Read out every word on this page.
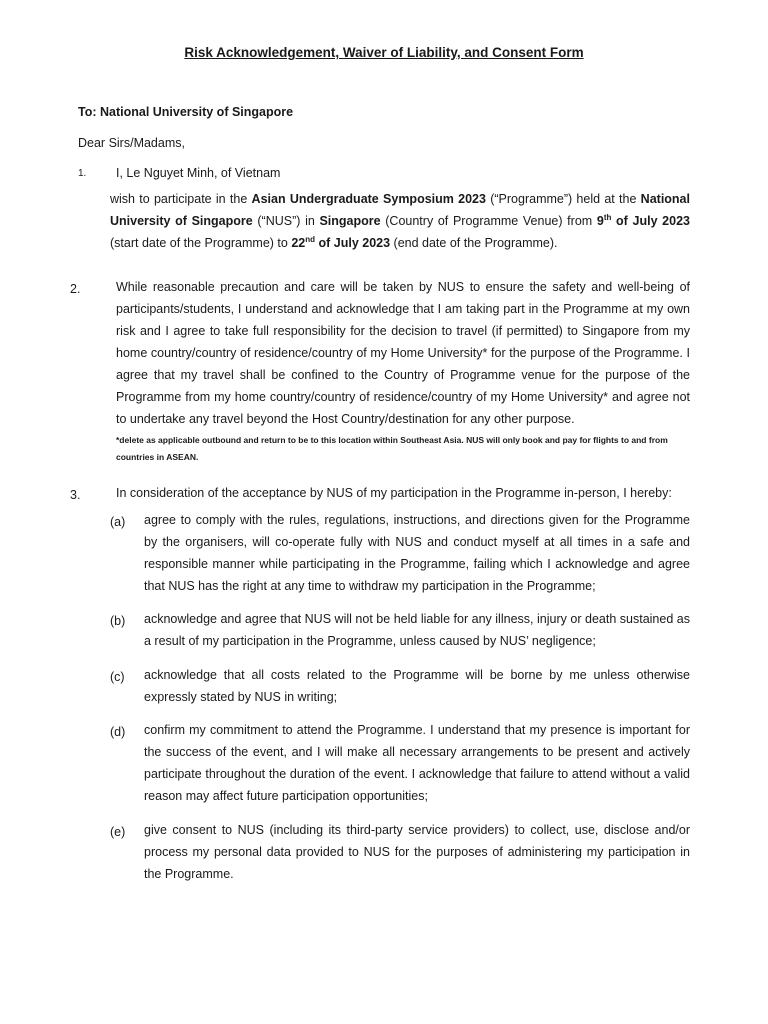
Risk Acknowledgement, Waiver of Liability, and Consent Form
To: National University of Singapore
Dear Sirs/Madams,
1. I, Le Nguyet Minh, of Vietnam
wish to participate in the Asian Undergraduate Symposium 2023 (“Programme”) held at the National University of Singapore (“NUS”) in Singapore (Country of Programme Venue) from 9th of July 2023 (start date of the Programme) to 22nd of July 2023 (end date of the Programme).
2.	While reasonable precaution and care will be taken by NUS to ensure the safety and well-being of participants/students, I understand and acknowledge that I am taking part in the Programme at my own risk and I agree to take full responsibility for the decision to travel (if permitted) to Singapore from my home country/country of residence/country of my Home University* for the purpose of the Programme. I agree that my travel shall be confined to the Country of Programme venue for the purpose of the Programme from my home country/country of residence/country of my Home University* and agree not to undertake any travel beyond the Host Country/destination for any other purpose.
*delete as applicable outbound and return to be to this location within Southeast Asia. NUS will only book and pay for flights to and from countries in ASEAN.
3.	In consideration of the acceptance by NUS of my participation in the Programme in-person, I hereby:
(a) agree to comply with the rules, regulations, instructions, and directions given for the Programme by the organisers, will co-operate fully with NUS and conduct myself at all times in a safe and responsible manner while participating in the Programme, failing which I acknowledge and agree that NUS has the right at any time to withdraw my participation in the Programme;
(b) acknowledge and agree that NUS will not be held liable for any illness, injury or death sustained as a result of my participation in the Programme, unless caused by NUS’ negligence;
(c) acknowledge that all costs related to the Programme will be borne by me unless otherwise expressly stated by NUS in writing;
(d) confirm my commitment to attend the Programme. I understand that my presence is important for the success of the event, and I will make all necessary arrangements to be present and actively participate throughout the duration of the event. I acknowledge that failure to attend without a valid reason may affect future participation opportunities;
(e) give consent to NUS (including its third-party service providers) to collect, use, disclose and/or process my personal data provided to NUS for the purposes of administering my participation in the Programme.
